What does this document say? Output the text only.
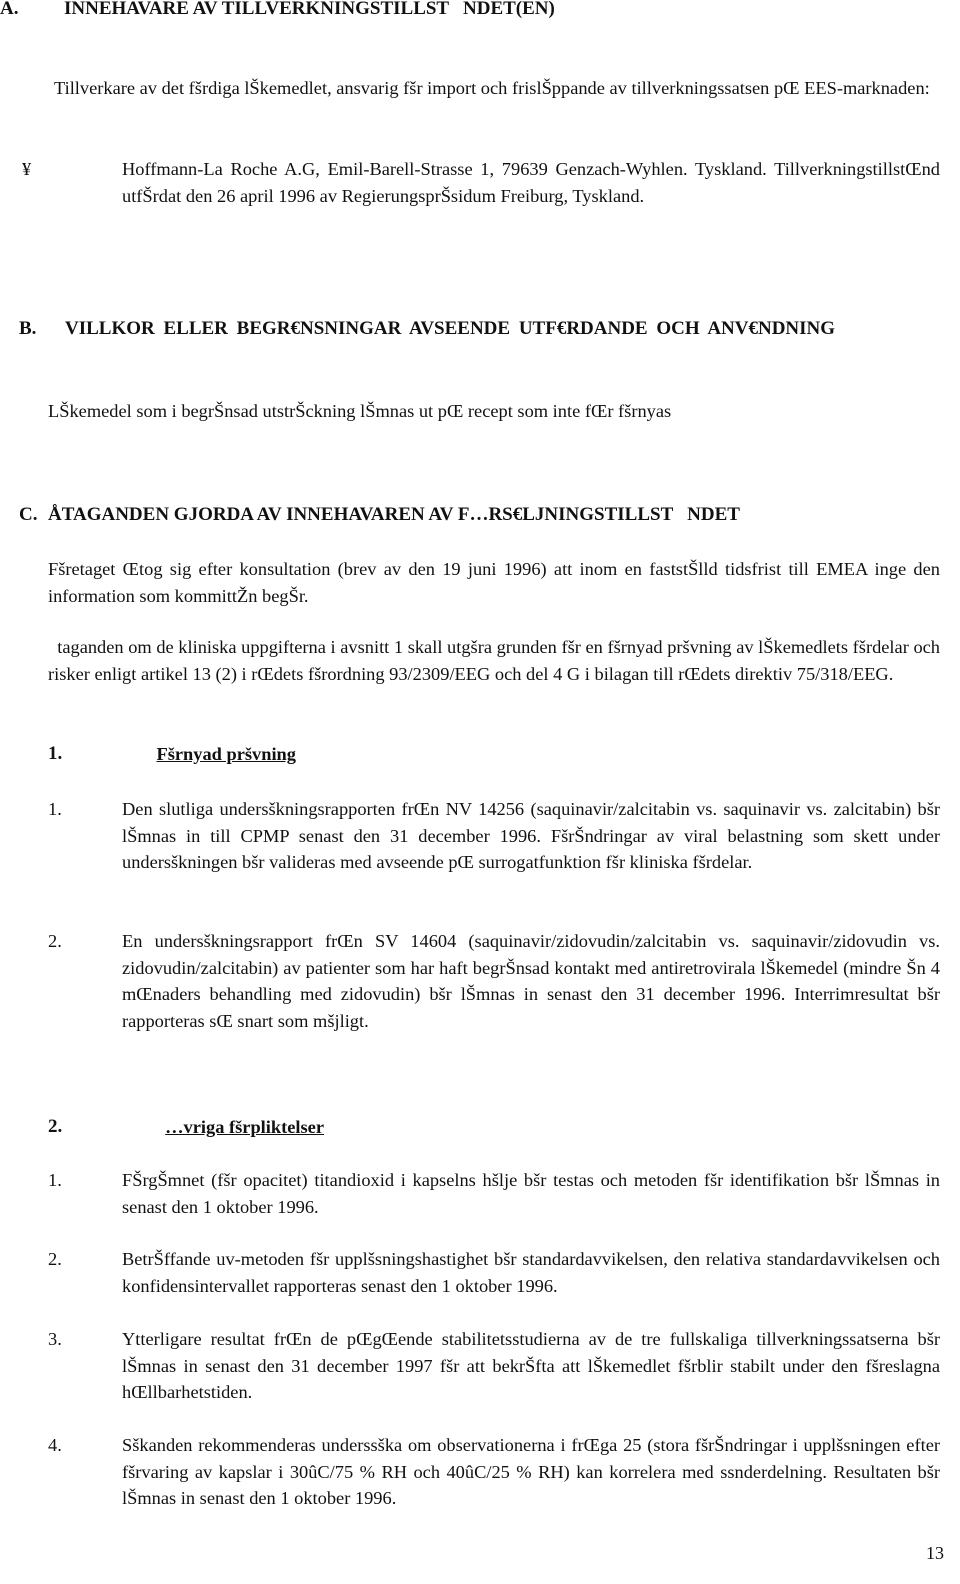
A. INNEHAVARE AV TILLVERKNINGSTILLST   NDET(EN)
Tillverkare av det fšrdiga lŠkemedlet, ansvarig fšr import och frislŠppande av tillverkningssatsen pŒ EES-marknaden:
¥	Hoffmann-La Roche A.G, Emil-Barell-Strasse 1, 79639 Genzach-Wyhlen. Tyskland. TillverkningstillstŒnd utfŠrdat den 26 april 1996 av RegierungsprŠsidum Freiburg, Tyskland.
B.	VILLKOR ELLER BEGR€NSNINGAR AVSEENDE UTF€RDANDE OCH ANV€NDNING
LŠkemedel som i begrŠnsad utstrŠckning lŠmnas ut pŒ recept som inte fŒr fšrnyas
C. ÅTAGANDEN GJORDA AV INNEHAVAREN AV F…RS€LJNINGSTILLST   NDET
Fšretaget Œtog sig efter konsultation (brev av den 19 juni 1996) att inom en faststŠlld tidsfrist till EMEA inge den information som kommittŽn begŠr.
taganden om de kliniska uppgifterna i avsnitt 1 skall utgšra grunden fšr en fšrnyad pršvning av lŠkemedlets fšrdelar och risker enligt artikel 13 (2) i rŒdets fšrordning 93/2309/EEG och del 4 G i bilagan till rŒdets direktiv 75/318/EEG.
1.	Fšrnyad pršvning
1.	Den slutliga undersškningsrapporten frŒn NV 14256 (saquinavir/zalcitabin vs. saquinavir vs. zalcitabin) bšr lŠmnas in till CPMP senast den 31 december 1996. FšrŠndringar av viral belastning som skett under undersškningen bšr valideras med avseende pŒ surrogatfunktion fšr kliniska fšrdelar.
2.	En undersškningsrapport frŒn SV 14604 (saquinavir/zidovudin/zalcitabin vs. saquinavir/zidovudin vs. zidovudin/zalcitabin) av patienter som har haft begrŠnsad kontakt med antiretrovirala lŠkemedel (mindre Šn 4 mŒnaders behandling med zidovudin) bšr lŠmnas in senast den 31 december 1996. Interrimresultat bšr rapporteras sŒ snart som mšjligt.
2.	…vriga fšrpliktelser
1.	FŠrgŠmnet (fšr opacitet) titandioxid i kapselns hšlje bšr testas och metoden fšr identifikation bšr lŠmnas in senast den 1 oktober 1996.
2.	BetrŠffande uv-metoden fšr upplšsningshastighet bšr standardavvikelsen, den relativa standardavvikelsen och konfidensintervallet rapporteras senast den 1 oktober 1996.
3.	Ytterligare resultat frŒn de pŒgŒende stabilitetsstudierna av de tre fullskaliga tillverkningssatserna bšr lŠmnas in senast den 31 december 1997 fšr att bekrŠfta att lŠkemedlet fšrblir stabilt under den fšreslagna hŒllbarhetstiden.
4.	Sškanden rekommenderas underssška om observationerna i frŒga 25 (stora fšrŠndringar i upplšsningen efter fšrvaring av kapslar i 30ûC/75 % RH och 40ûC/25 % RH) kan korrelera med ssnderdelning. Resultaten bšr lŠmnas in senast den 1 oktober 1996.
13
